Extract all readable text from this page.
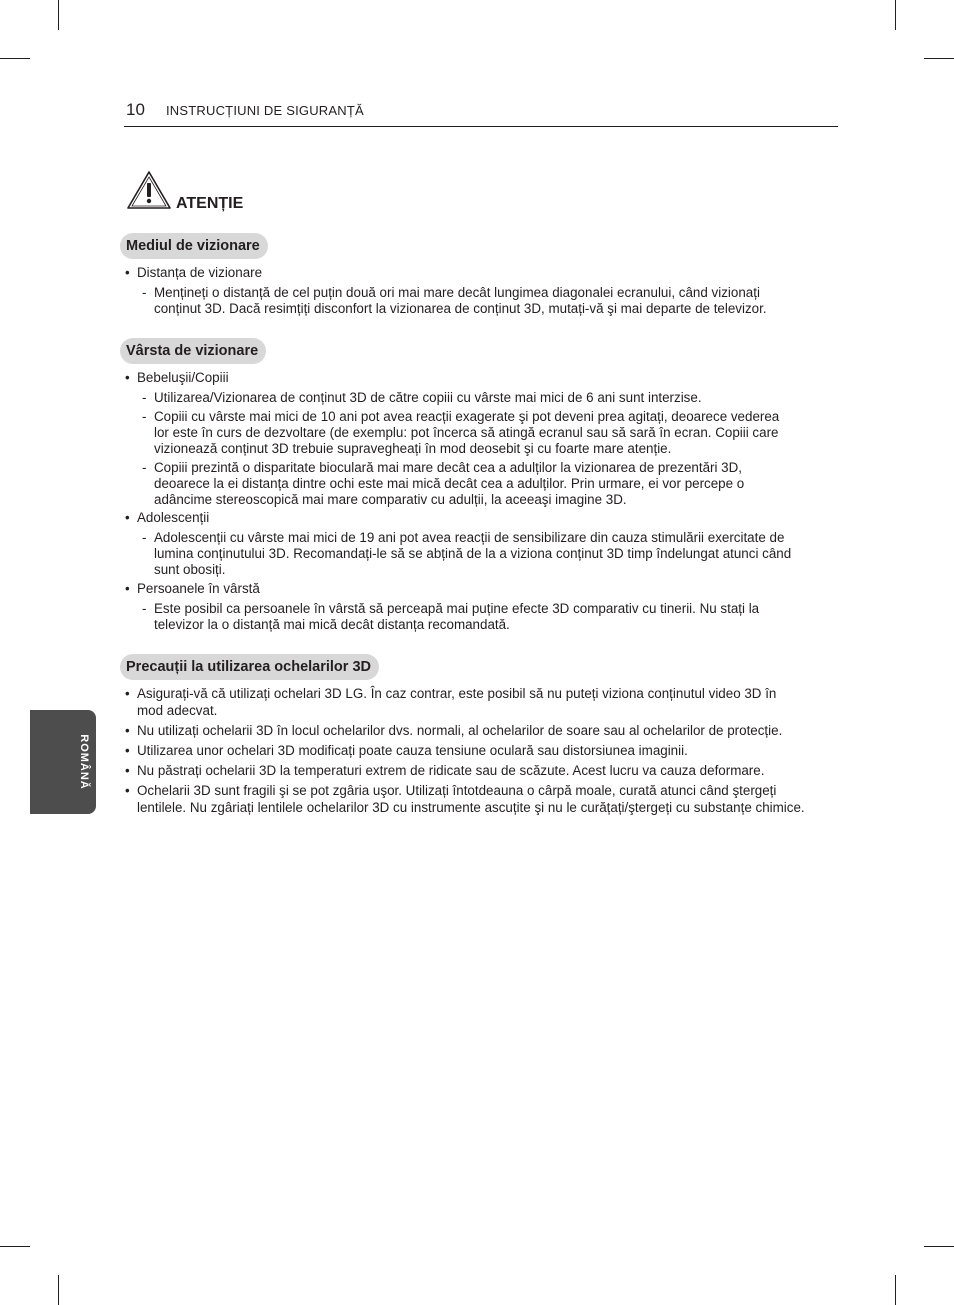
10 INSTRUCȚIUNI DE SIGURANȚĂ
ATENȚIE
Mediul de vizionare
• Distanța de vizionare
- Mențineți o distanță de cel puțin două ori mai mare decât lungimea diagonalei ecranului, când vizionați
conținut 3D. Dacă resimțiți disconfort la vizionarea de conținut 3D, mutați-vă şi mai departe de televizor.
Vârsta de vizionare
• Bebeluşii/Copiii
- Utilizarea/Vizionarea de conținut 3D de către copiii cu vârste mai mici de 6 ani sunt interzise.
- Copiii cu vârste mai mici de 10 ani pot avea reacții exagerate şi pot deveni prea agitați, deoarece vederea
lor este în curs de dezvoltare (de exemplu: pot încerca să atingă ecranul sau să sară în ecran. Copiii care
vizionează conținut 3D trebuie supravegheați în mod deosebit şi cu foarte mare atenție.
- Copiii prezintă o disparitate bioculară mai mare decât cea a adulților la vizionarea de prezentări 3D,
deoarece la ei distanța dintre ochi este mai mică decât cea a adulților. Prin urmare, ei vor percepe o
adâncime stereoscopică mai mare comparativ cu adulții, la aceeaşi imagine 3D.
• Adolescenții
- Adolescenții cu vârste mai mici de 19 ani pot avea reacții de sensibilizare din cauza stimulării exercitate de
lumina conținutului 3D. Recomandați-le să se abțină de la a viziona conținut 3D timp îndelungat atunci când
sunt obosiți.
• Persoanele în vârstă
- Este posibil ca persoanele în vârstă să perceapă mai puține efecte 3D comparativ cu tinerii. Nu stați la
televizor la o distanță mai mică decât distanța recomandată.
Precauții la utilizarea ochelarilor 3D
• Asigurați-vă că utilizați ochelari 3D LG. În caz contrar, este posibil să nu puteți viziona conținutul video 3D în
mod adecvat.
• Nu utilizați ochelarii 3D în locul ochelarilor dvs. normali, al ochelarilor de soare sau al ochelarilor de protecție.
• Utilizarea unor ochelari 3D modificați poate cauza tensiune oculară sau distorsiunea imaginii.
• Nu păstrați ochelarii 3D la temperaturi extrem de ridicate sau de scăzute. Acest lucru va cauza deformare.
• Ochelarii 3D sunt fragili şi se pot zgâria uşor. Utilizați întotdeauna o cârpă moale, curată atunci când ştergeți
lentilele. Nu zgâriați lentilele ochelarilor 3D cu instrumente ascuțite şi nu le curățați/ştergeți cu substanțe chimice.
ROMÂNĂ
